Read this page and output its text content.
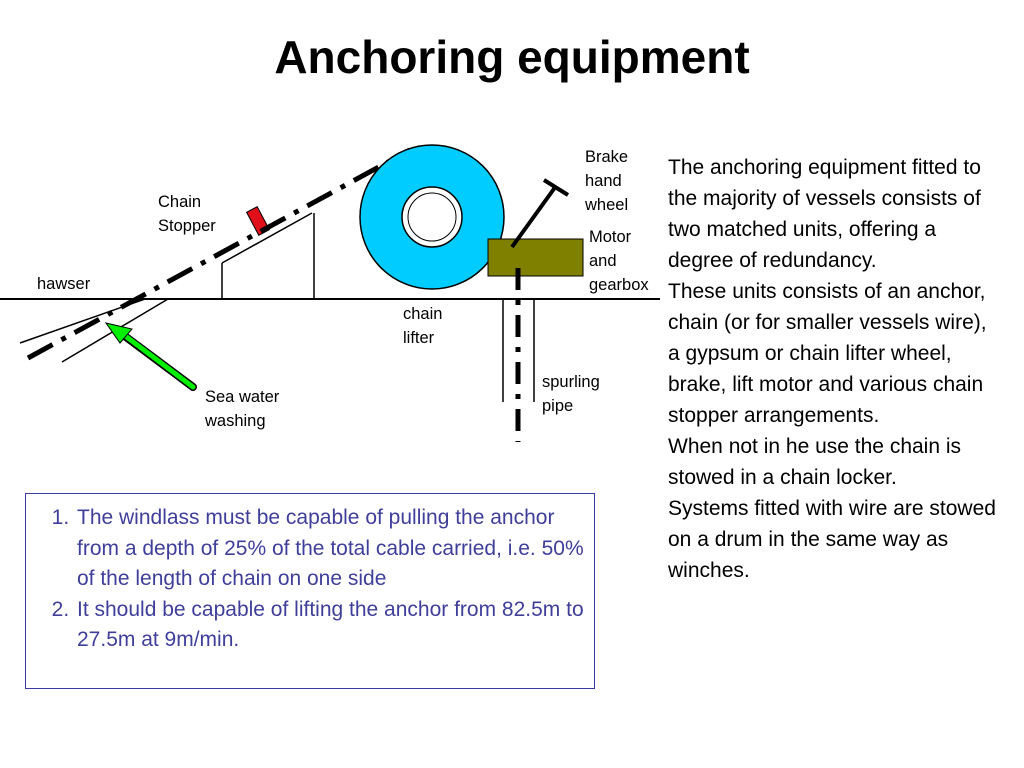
Anchoring equipment
Brake
hand
wheel
Chain
Stopper
Motor
and
gearbox
hawser
chain
lifter
spurling
pipe
Sea water
washing

The anchoring equipment fitted to the majority of vessels consists of two matched units, offering a degree of redundancy.

These units consists of an anchor, chain (or for smaller vessels wire), a gypsum or chain lifter wheel, brake, lift motor and various chain stopper arrangements.

When not in he use the chain is stowed in a chain locker.

Systems fitted with wire are stowed on a drum in the same way as winches.

1. The windlass must be capable of pulling the anchor from a depth of 25% of the total cable carried, i.e. 50% of the length of chain on one side
2. It should be capable of lifting the anchor from 82.5m to 27.5m at 9m/min.
